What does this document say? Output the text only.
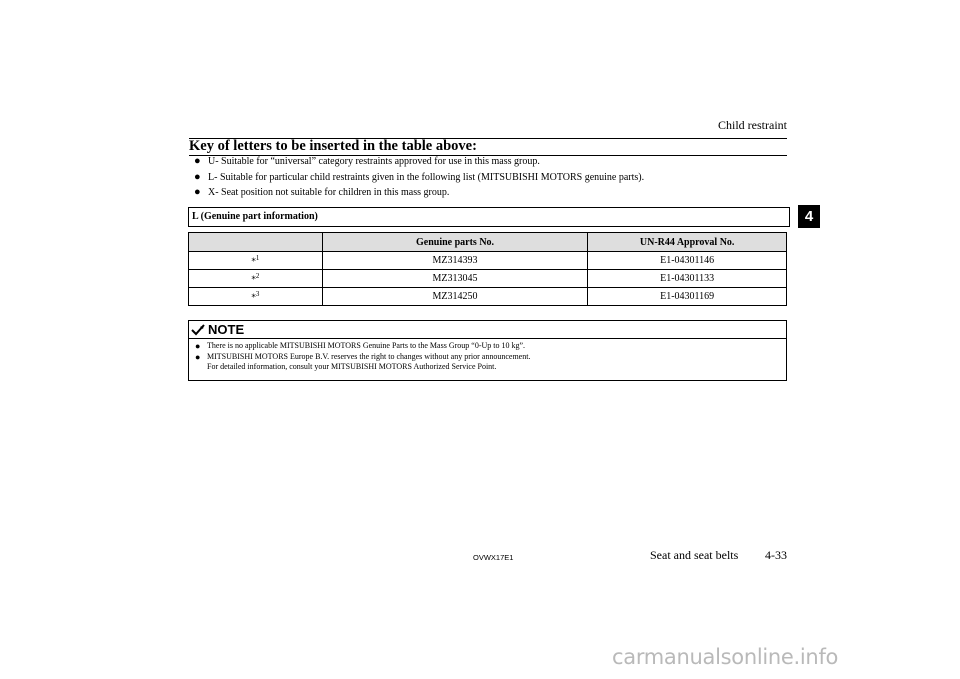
Child restraint
4
Key of letters to be inserted in the table above:
● U- Suitable for “universal” category restraints approved for use in this mass group.
● L- Suitable for particular child restraints given in the following list (MITSUBISHI MOTORS genuine parts).
● X- Seat position not suitable for children in this mass group.
L (Genuine part information)
	Genuine parts No.	UN-R44 Approval No.
*$^1$	MZ314393	E1-04301146
*$^2$	MZ313045	E1-04301133
*$^3$	MZ314250	E1-04301169
NOTE
● There is no applicable MITSUBISHI MOTORS Genuine Parts to the Mass Group “0-Up to 10 kg”.
● MITSUBISHI MOTORS Europe B.V. reserves the right to changes without any prior announcement.
For detailed information, consult your MITSUBISHI MOTORS Authorized Service Point.
OVWX17E1	Seat and seat belts	4-33
carmanualsonline.info
